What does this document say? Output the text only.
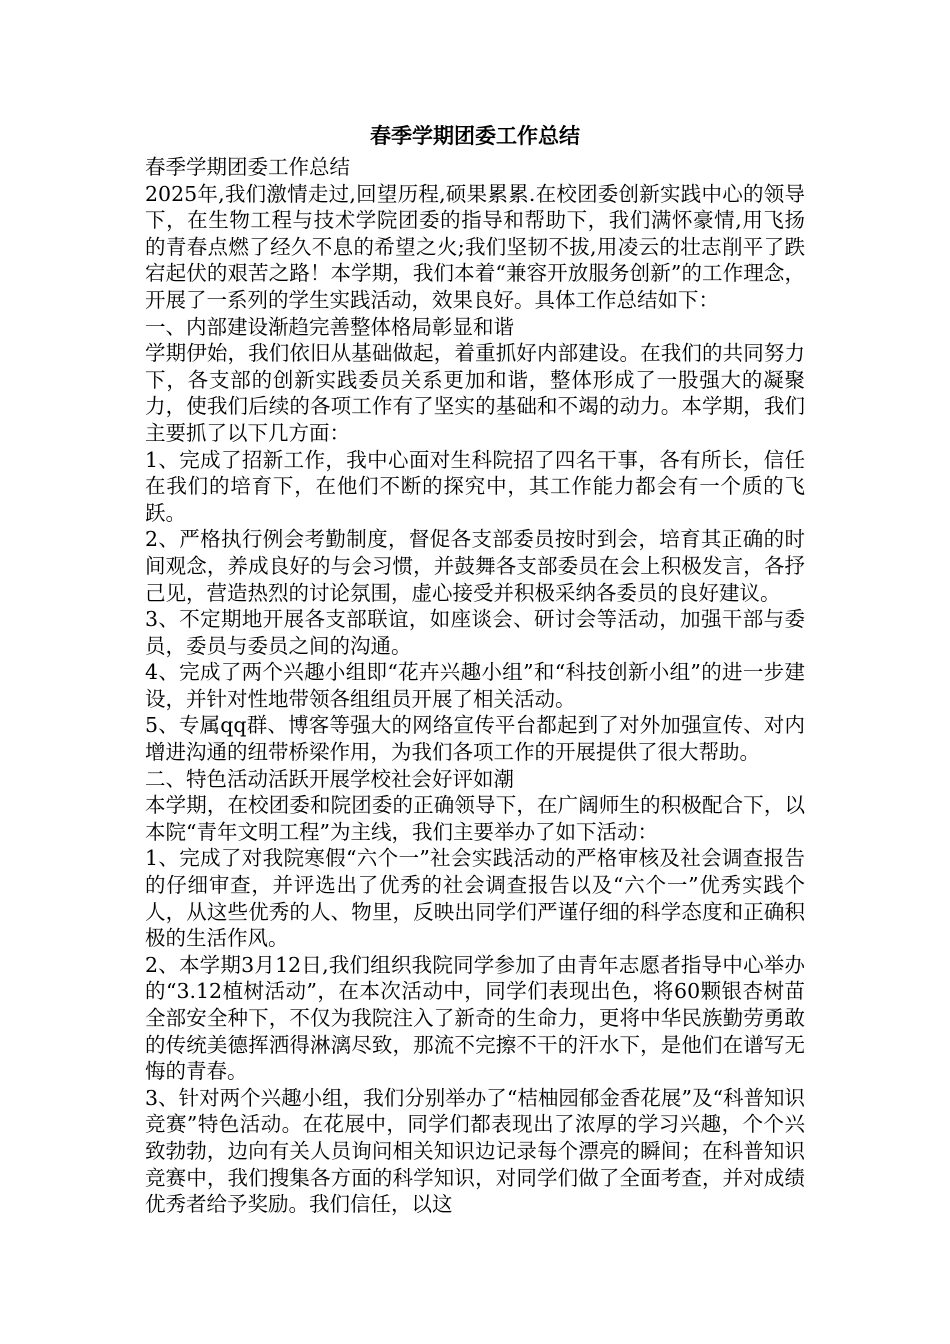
春季学期团委工作总结

春季学期团委工作总结

2025年,我们激情走过,回望历程,硕果累累.在校团委创新实践中心的领导下，在生物工程与技术学院团委的指导和帮助下，我们满怀豪情,用飞扬的青春点燃了经久不息的希望之火;我们坚韧不拔,用凌云的壮志削平了跌宕起伏的艰苦之路！本学期，我们本着“兼容开放服务创新”的工作理念，开展了一系列的学生实践活动，效果良好。具体工作总结如下：

一、内部建设渐趋完善整体格局彰显和谐

学期伊始，我们依旧从基础做起，着重抓好内部建设。在我们的共同努力下，各支部的创新实践委员关系更加和谐，整体形成了一股强大的凝聚力，使我们后续的各项工作有了坚实的基础和不竭的动力。本学期，我们主要抓了以下几方面：

1、完成了招新工作，我中心面对生科院招了四名干事，各有所长，信任在我们的培育下，在他们不断的探究中，其工作能力都会有一个质的飞跃。

2、严格执行例会考勤制度，督促各支部委员按时到会，培育其正确的时间观念，养成良好的与会习惯，并鼓舞各支部委员在会上积极发言，各抒己见，营造热烈的讨论氛围，虚心接受并积极采纳各委员的良好建议。

3、不定期地开展各支部联谊，如座谈会、研讨会等活动，加强干部与委员，委员与委员之间的沟通。

4、完成了两个兴趣小组即“花卉兴趣小组”和“科技创新小组”的进一步建设，并针对性地带领各组组员开展了相关活动。

5、专属qq群、博客等强大的网络宣传平台都起到了对外加强宣传、对内增进沟通的纽带桥梁作用，为我们各项工作的开展提供了很大帮助。

二、特色活动活跃开展学校社会好评如潮

本学期，在校团委和院团委的正确领导下，在广阔师生的积极配合下，以本院“青年文明工程”为主线，我们主要举办了如下活动：

1、完成了对我院寒假“六个一”社会实践活动的严格审核及社会调查报告的仔细审查，并评选出了优秀的社会调查报告以及“六个一”优秀实践个人，从这些优秀的人、物里，反映出同学们严谨仔细的科学态度和正确积极的生活作风。

2、本学期3月12日,我们组织我院同学参加了由青年志愿者指导中心举办的“3.12植树活动”，在本次活动中，同学们表现出色，将60颗银杏树苗全部安全种下，不仅为我院注入了新奇的生命力，更将中华民族勤劳勇敢的传统美德挥洒得淋漓尽致，那流不完擦不干的汗水下，是他们在谱写无悔的青春。

3、针对两个兴趣小组，我们分别举办了“桔柚园郁金香花展”及“科普知识竞赛”特色活动。在花展中，同学们都表现出了浓厚的学习兴趣，个个兴致勃勃，边向有关人员询问相关知识边记录每个漂亮的瞬间；在科普知识竞赛中，我们搜集各方面的科学知识，对同学们做了全面考查，并对成绩优秀者给予奖励。我们信任，以这
